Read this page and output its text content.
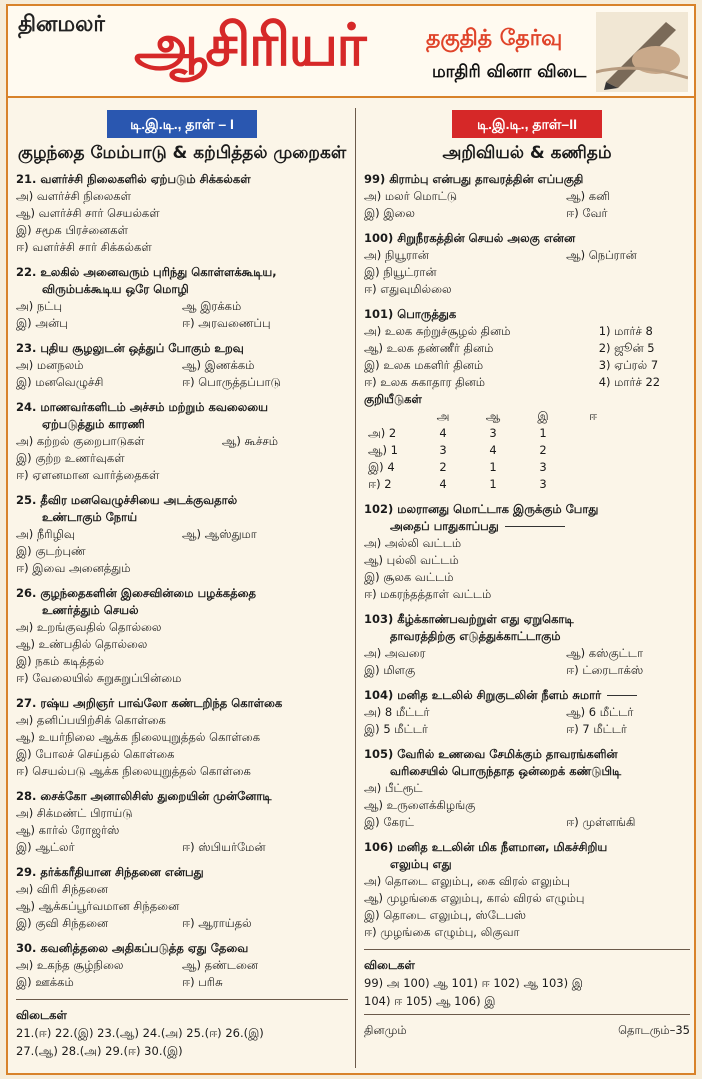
தினமலர் ஆசிரியர்	தகுதித் தேர்வு
மாதிரி வினா விடை
டி.இ.டி., தாள் – I
குழந்தை மேம்பாடு & கற்பித்தல் முறைகள்
21. வளர்ச்சி நிலைகளில் ஏற்படும் சிக்கல்கள்
அ) வளர்ச்சி நிலைகள்
ஆ) வளர்ச்சி சார் செயல்கள்
இ) சமூக பிரச்னைகள்
ஈ) வளர்ச்சி சார் சிக்கல்கள்
22. உலகில் அனைவரும் புரிந்து கொள்ளக்கூடிய,
விரும்பக்கூடிய ஒரே மொழி
அ) நட்பு	ஆ இரக்கம்
இ) அன்பு	ஈ) அரவணைப்பு
23. புதிய சூழலுடன் ஒத்துப் போகும் உறவு
அ) மனநலம்	ஆ) இணக்கம்
இ) மனவெழுச்சி	ஈ) பொருத்தப்பாடு
24. மாணவர்களிடம் அச்சம் மற்றும் கவலையை
ஏற்படுத்தும் காரணி
அ) கற்றல் குறைபாடுகள்	ஆ) கூச்சம்
இ) குற்ற உணர்வுகள்
ஈ) ஏளனமான வார்த்தைகள்
25. தீவிர மனவெழுச்சியை அடக்குவதால்
உண்டாகும் நோய்
அ) நீரிழிவு	ஆ) ஆஸ்துமா
இ) குடற்புண்
ஈ) இவை அனைத்தும்
26. குழந்தைகளின் இசைவின்மை பழக்கத்தை
உணர்த்தும் செயல்
அ) உறங்குவதில் தொல்லை
ஆ) உண்பதில் தொல்லை
இ) நகம் கடித்தல்
ஈ) வேலையில் சுறுசுறுப்பின்மை
27. ரஷ்ய அறிஞர் பாவ்லோ கண்டறிந்த கொள்கை
அ) தனிப்பயிற்சிக் கொள்கை
ஆ) உயர்நிலை ஆக்க நிலையுறுத்தல் கொள்கை
இ) போலச் செய்தல் கொள்கை
ஈ) செயல்படு ஆக்க நிலையுறுத்தல் கொள்கை
28. சைக்கோ அனாலிசிஸ் துறையின் முன்னோடி
அ) சிக்மண்ட் பிராய்டு
ஆ) கார்ல் ரோஜர்ஸ்
இ) ஆட்லர்	ஈ) ஸ்பியர்மேன்
29. தர்க்கரீதியான சிந்தனை என்பது
அ) விரி சிந்தனை
ஆ) ஆக்கப்பூர்வமான சிந்தனை
இ) குவி சிந்தனை	ஈ) ஆராய்தல்
30. கவனித்தலை அதிகப்படுத்த ஏது தேவை
அ) உகந்த சூழ்நிலை	ஆ) தண்டனை
இ) ஊக்கம்	ஈ) பரிசு
விடைகள்
21.(ஈ) 22.(இ) 23.(ஆ) 24.(அ) 25.(ஈ) 26.(இ)
27.(ஆ) 28.(அ) 29.(ஈ) 30.(இ)
டி.இ.டி., தாள்–II
அறிவியல் & கணிதம்
99) கிராம்பு என்பது தாவரத்தின் எப்பகுதி
அ) மலர் மொட்டு	ஆ) கனி
இ) இலை	ஈ) வேர்
100) சிறுநீரகத்தின் செயல் அலகு என்ன
அ) நியூரான்	ஆ) நெப்ரான்
இ) நியூட்ரான்
ஈ) எதுவுமில்லை
101) பொருத்துக
அ) உலக சுற்றுச்சூழல் தினம்	1) மார்ச் 8
ஆ) உலக தண்ணீர் தினம்	2) ஜூன் 5
இ) உலக மகளிர் தினம்	3) ஏப்ரல் 7
ஈ) உலக சுகாதார தினம்	4) மார்ச் 22
குறியீடுகள்
	அ	ஆ	இ	ஈ
அ) 2	4	3	1	
ஆ) 1	3	4	2	
இ) 4	2	1	3	
ஈ) 2	4	1	3	
102) மலரானது மொட்டாக இருக்கும் போது
அதைப் பாதுகாப்பது
அ) அல்லி வட்டம்
ஆ) புல்லி வட்டம்
இ) சூலக வட்டம்
ஈ) மகரந்தத்தாள் வட்டம்
103) கீழ்க்காண்பவற்றுள் எது ஏறுகொடி
தாவரத்திற்கு எடுத்துக்காட்டாகும்
அ) அவரை	ஆ) கஸ்குட்டா
இ) மிளகு	ஈ) ட்ரைடாக்ஸ்
104) மனித உடலில் சிறுகுடலின் நீளம் சுமார்
அ) 8 மீட்டர்	ஆ) 6 மீட்டர்
இ) 5 மீட்டர்	ஈ) 7 மீட்டர்
105) வேரில் உணவை சேமிக்கும் தாவரங்களின்
வரிசையில் பொருந்தாத ஒன்றைக் கண்டுபிடி
அ) பீட்ரூட்
ஆ) உருளைக்கிழங்கு
இ) கேரட்	ஈ) முள்ளங்கி
106) மனித உடலின் மிக நீளமான, மிகச்சிறிய
எலும்பு எது
அ) தொடை எலும்பு, கை விரல் எலும்பு
ஆ) முழங்கை எலும்பு, கால் விரல் எழும்பு
இ) தொடை எலும்பு, ஸ்டேபஸ்
ஈ) முழங்கை எழும்பு, லிகுவா
விடைகள்
99) அ 100) ஆ 101) ஈ 102) ஆ 103) இ
104) ஈ 105) ஆ 106) இ
தினமும்	தொடரும்–35
